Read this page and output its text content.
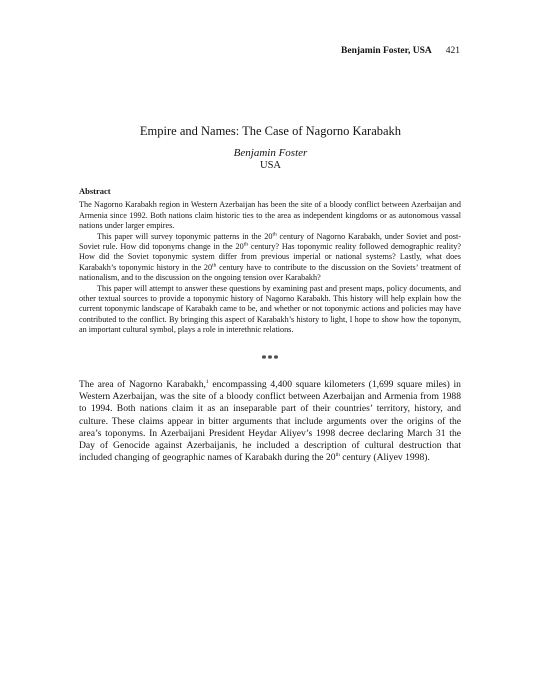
Benjamin Foster, USA 421
Empire and Names: The Case of Nagorno Karabakh
Benjamin Foster
USA
Abstract

The Nagorno Karabakh region in Western Azerbaijan has been the site of a bloody conflict between Azerbaijan and Armenia since 1992. Both nations claim historic ties to the area as independent kingdoms or as autonomous vassal nations under larger empires.

This paper will survey toponymic patterns in the 20th century of Nagorno Karabakh, under Soviet and post-Soviet rule. How did toponyms change in the 20th century? Has toponymic reality followed demographic reality? How did the Soviet toponymic system differ from previous imperial or national systems? Lastly, what does Karabakh’s toponymic history in the 20th century have to contribute to the discussion on the Soviets’ treatment of nationalism, and to the discussion on the ongoing tension over Karabakh?

This paper will attempt to answer these questions by examining past and present maps, policy documents, and other textual sources to provide a toponymic history of Nagorno Karabakh. This history will help explain how the current toponymic landscape of Karabakh came to be, and whether or not toponymic actions and policies may have contributed to the conflict. By bringing this aspect of Karabakh’s history to light, I hope to show how the toponym, an important cultural symbol, plays a role in interethnic relations.

***

The area of Nagorno Karabakh,$^1$ encompassing 4,400 square kilometers (1,699 square miles) in Western Azerbaijan, was the site of a bloody conflict between Azerbaijan and Armenia from 1988 to 1994. Both nations claim it as an inseparable part of their countries’ territory, history, and culture. These claims appear in bitter arguments that include arguments over the origins of the area’s toponyms. In Azerbaijani President Heydar Aliyev’s 1998 decree declaring March 31 the Day of Genocide against Azerbaijanis, he included a description of cultural destruction that included changing of geographic names of Karabakh during the 20th century (Aliyev 1998).
